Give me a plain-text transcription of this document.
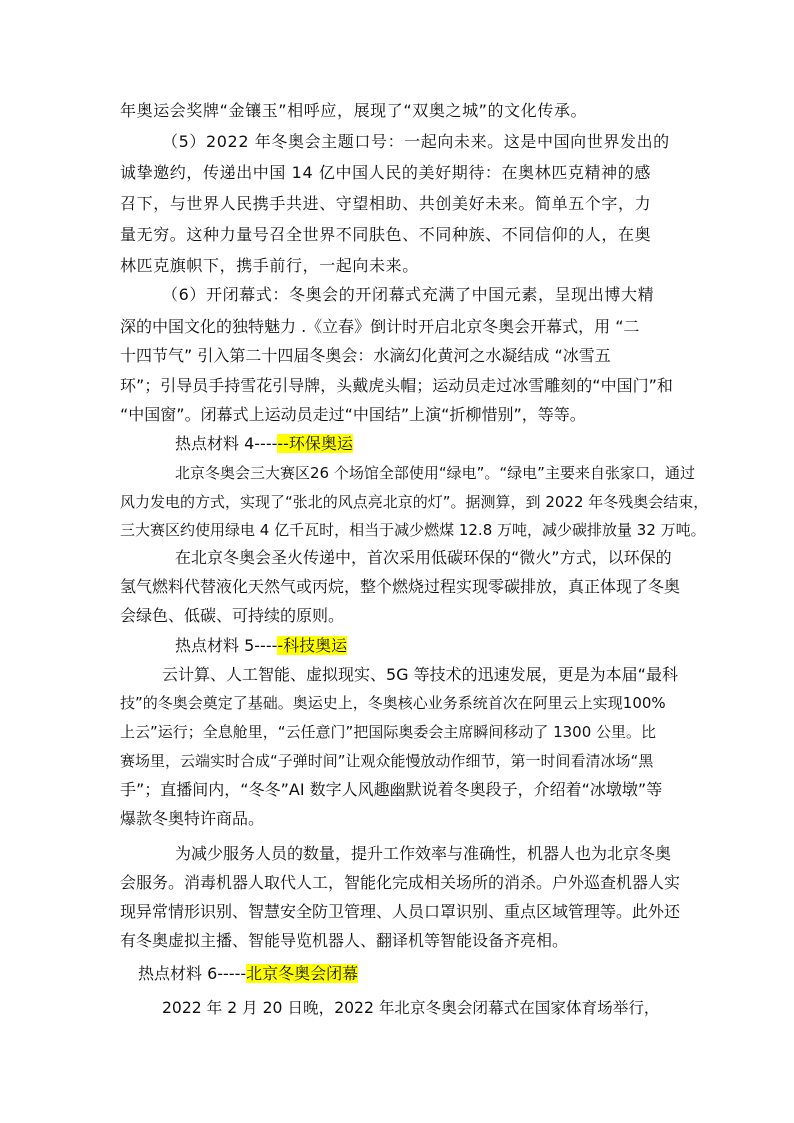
年奥运会奖牌“金镶玉”相呼应，展现了“双奥之城”的文化传承。
（5）2022 年冬奥会主题口号：一起向未来。这是中国向世界发出的
诚挚邀约，传递出中国 14 亿中国人民的美好期待：在奥林匹克精神的感
召下，与世界人民携手共进、守望相助、共创美好未来。简单五个字，力
量无穷。这种力量号召全世界不同肤色、不同种族、不同信仰的人，在奥
林匹克旗帜下，携手前行，一起向未来。
（6）开闭幕式：冬奥会的开闭幕式充满了中国元素，呈现出博大精
深的中国文化的独特魅力 .《立春》倒计时开启北京冬奥会开幕式，用 “二
十四节气” 引入第二十四届冬奥会：水滴幻化黄河之水凝结成 “冰雪五
环”；引导员手持雪花引导牌，头戴虎头帽；运动员走过冰雪雕刻的“中国门”和
“中国窗”。闭幕式上运动员走过“中国结”上演“折柳惜别”，等等。
热点材料 4------环保奥运
北京冬奥会三大赛区26 个场馆全部使用“绿电”。“绿电”主要来自张家口，通过
风力发电的方式，实现了“张北的风点亮北京的灯”。据测算，到 2022 年冬残奥会结束，
三大赛区约使用绿电 4 亿千瓦时，相当于减少燃煤 12.8 万吨，减少碳排放量 32 万吨。
在北京冬奥会圣火传递中，首次采用低碳环保的“微火”方式，以环保的
氢气燃料代替液化天然气或丙烷，整个燃烧过程实现零碳排放，真正体现了冬奥
会绿色、低碳、可持续的原则。
热点材料 5-----科技奥运
云计算、人工智能、虚拟现实、5G 等技术的迅速发展，更是为本届“最科
技”的冬奥会奠定了基础。奥运史上，冬奥核心业务系统首次在阿里云上实现100%
上云”运行；全息舱里，“云任意门”把国际奥委会主席瞬间移动了 1300 公里。比
赛场里，云端实时合成“子弹时间”让观众能慢放动作细节，第一时间看清冰场“黑
手”；直播间内，“冬冬”AI 数字人风趣幽默说着冬奥段子，介绍着“冰墩墩”等
爆款冬奥特许商品。
为减少服务人员的数量，提升工作效率与准确性，机器人也为北京冬奥
会服务。消毒机器人取代人工，智能化完成相关场所的消杀。户外巡查机器人实
现异常情形识别、智慧安全防卫管理、人员口罩识别、重点区域管理等。此外还
有冬奥虚拟主播、智能导览机器人、翻译机等智能设备齐亮相。
热点材料 6-----北京冬奥会闭幕
2022 年 2 月 20 日晚，2022 年北京冬奥会闭幕式在国家体育场举行，
